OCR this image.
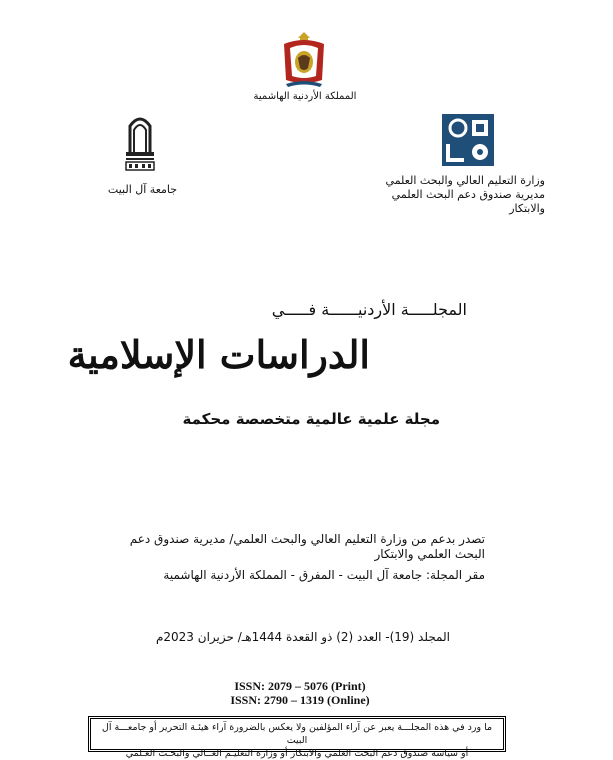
المملكة الأردنية الهاشمية
جامعة آل البيت
وزارة التعليم العالي والبحث العلمي
مديرية صندوق دعم البحث العلمي
والابتكار
المجلـــــة الأردنيــــــة فـــــي
الدراسات الإسلامية
مجلة علمية عالمية متخصصة محكمة
تصدر بدعم من وزارة التعليم العالي والبحث العلمي/ مديرية صندوق دعم
البحث العلمي والابتكار
مقر المجلة: جامعة آل البيت - المفرق - المملكة الأردنية الهاشمية
المجلد (19)- العدد (2) ذو القعدة 1444هـ/ حزيران 2023م
ISSN: 2079 – 5076 (Print)
ISSN: 2790 – 1319 (Online)
ما ورد في هذه المجلـــة يعبر عن آراء المؤلفين ولا يعكس بالضرورة آراء هيئـة التحرير أو جامعـــة آل البيت
أو سياسة صندوق دعم البحث العلمي والابتكار أو وزارة التعليـم العــالي والبحـث العـلمي
